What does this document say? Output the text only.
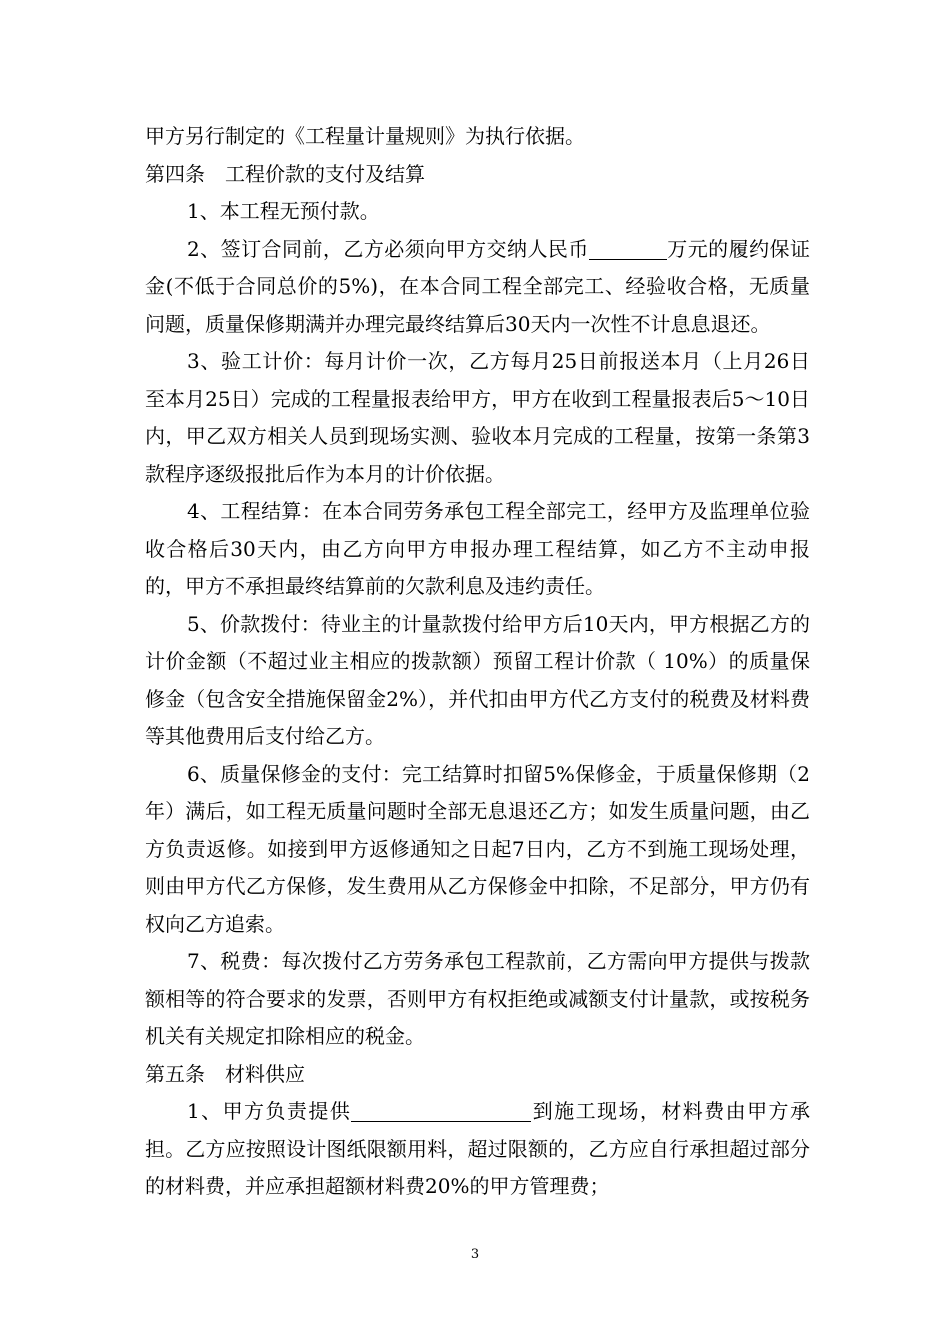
甲方另行制定的《工程量计量规则》为执行依据。

第四条　工程价款的支付及结算

1、本工程无预付款。

2、签订合同前，乙方必须向甲方交纳人民币	万元的履约保证金(不低于合同总价的5%)，在本合同工程全部完工、经验收合格，无质量问题，质量保修期满并办理完最终结算后30天内一次性不计息息退还。

3、验工计价：每月计价一次，乙方每月25日前报送本月（上月26日至本月25日）完成的工程量报表给甲方，甲方在收到工程量报表后5～10日内，甲乙双方相关人员到现场实测、验收本月完成的工程量，按第一条第3款程序逐级报批后作为本月的计价依据。

4、工程结算：在本合同劳务承包工程全部完工，经甲方及监理单位验收合格后30天内，由乙方向甲方申报办理工程结算，如乙方不主动申报的，甲方不承担最终结算前的欠款利息及违约责任。

5、价款拨付：待业主的计量款拨付给甲方后10天内，甲方根据乙方的计价金额（不超过业主相应的拨款额）预留工程计价款（ 10%）的质量保修金（包含安全措施保留金2%），并代扣由甲方代乙方支付的税费及材料费等其他费用后支付给乙方。

6、质量保修金的支付：完工结算时扣留5%保修金，于质量保修期（2年）满后，如工程无质量问题时全部无息退还乙方；如发生质量问题，由乙方负责返修。如接到甲方返修通知之日起7日内，乙方不到施工现场处理，则由甲方代乙方保修，发生费用从乙方保修金中扣除，不足部分，甲方仍有权向乙方追索。

7、税费：每次拨付乙方劳务承包工程款前，乙方需向甲方提供与拨款额相等的符合要求的发票，否则甲方有权拒绝或减额支付计量款，或按税务机关有关规定扣除相应的税金。

第五条　材料供应

1、甲方负责提供	到施工现场，材料费由甲方承担。乙方应按照设计图纸限额用料，超过限额的，乙方应自行承担超过部分的材料费，并应承担超额材料费20%的甲方管理费；

3
